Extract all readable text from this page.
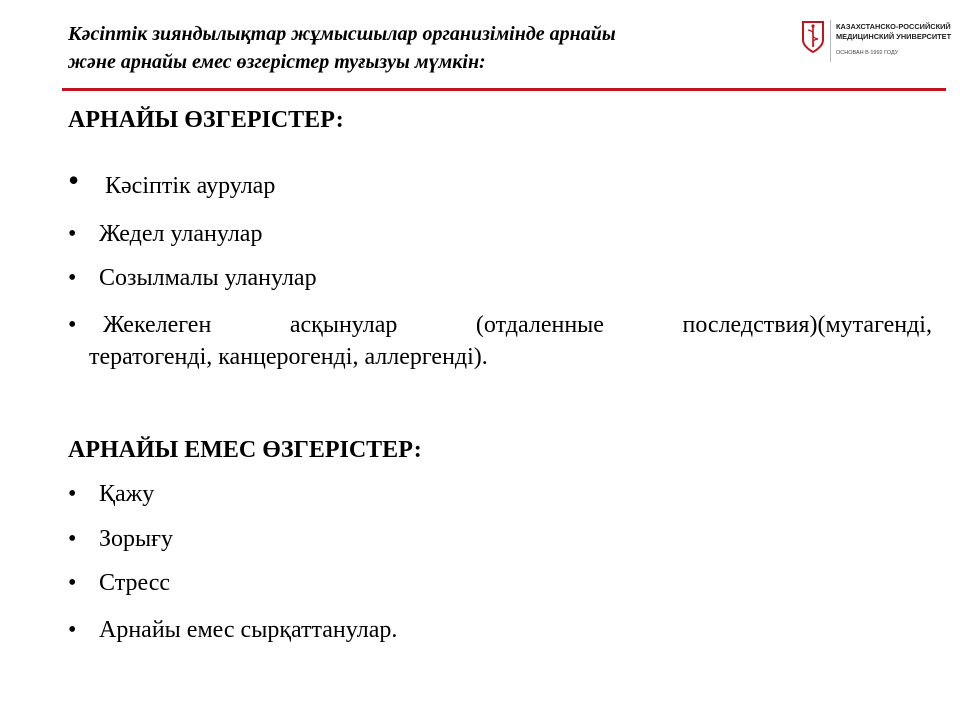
Кәсіптік зияндылықтар жұмысшылар организімінде арнайы
және арнайы емес өзгерістер туғызуы мүмкін:
КАЗАХСТАНСКО-РОССИЙСКИЙ
МЕДИЦИНСКИЙ УНИВЕРСИТЕТ
ОСНОВАН В 1992 ГОДУ
АРНАЙЫ ӨЗГЕРІСТЕР:
• Кәсіптік аурулар
• Жедел уланулар
• Созылмалы уланулар
• Жекелеген	асқынулар	(отдаленные	последствия)(мутагенді,
тератогенді, канцерогенді, аллергенді).
АРНАЙЫ ЕМЕС ӨЗГЕРІСТЕР:
• Қажу
• Зорығу
• Стресс
• Арнайы емес сырқаттанулар.
